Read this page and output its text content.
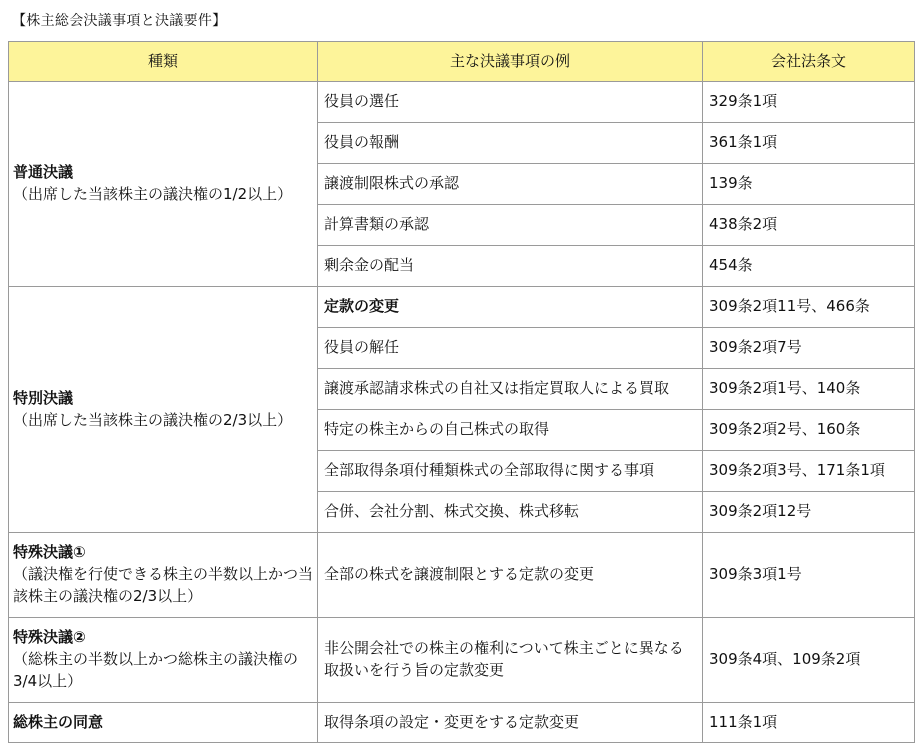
【株主総会決議事項と決議要件】
種類	主な決議事項の例	会社法条文

普通決議
（出席した当該株主の議決権の1/2以上）	役員の選任	329条1項
	役員の報酬	361条1項
	譲渡制限株式の承認	139条
	計算書類の承認	438条2項
	剰余金の配当	454条

特別決議
（出席した当該株主の議決権の2/3以上）	定款の変更	309条2項11号、466条
	役員の解任	309条2項7号
	譲渡承認請求株式の自社又は指定買取人による買取	309条2項1号、140条
	特定の株主からの自己株式の取得	309条2項2号、160条
	全部取得条項付種類株式の全部取得に関する事項	309条2項3号、171条1項
	合併、会社分割、株式交換、株式移転	309条2項12号

特殊決議①
（議決権を行使できる株主の半数以上かつ当該株主の議決権の2/3以上）	全部の株式を譲渡制限とする定款の変更	309条3項1号

特殊決議②
（総株主の半数以上かつ総株主の議決権の3/4以上）	非公開会社での株主の権利について株主ごとに異なる取扱いを行う旨の定款変更	309条4項、109条2項

総株主の同意	取得条項の設定・変更をする定款変更	111条1項
